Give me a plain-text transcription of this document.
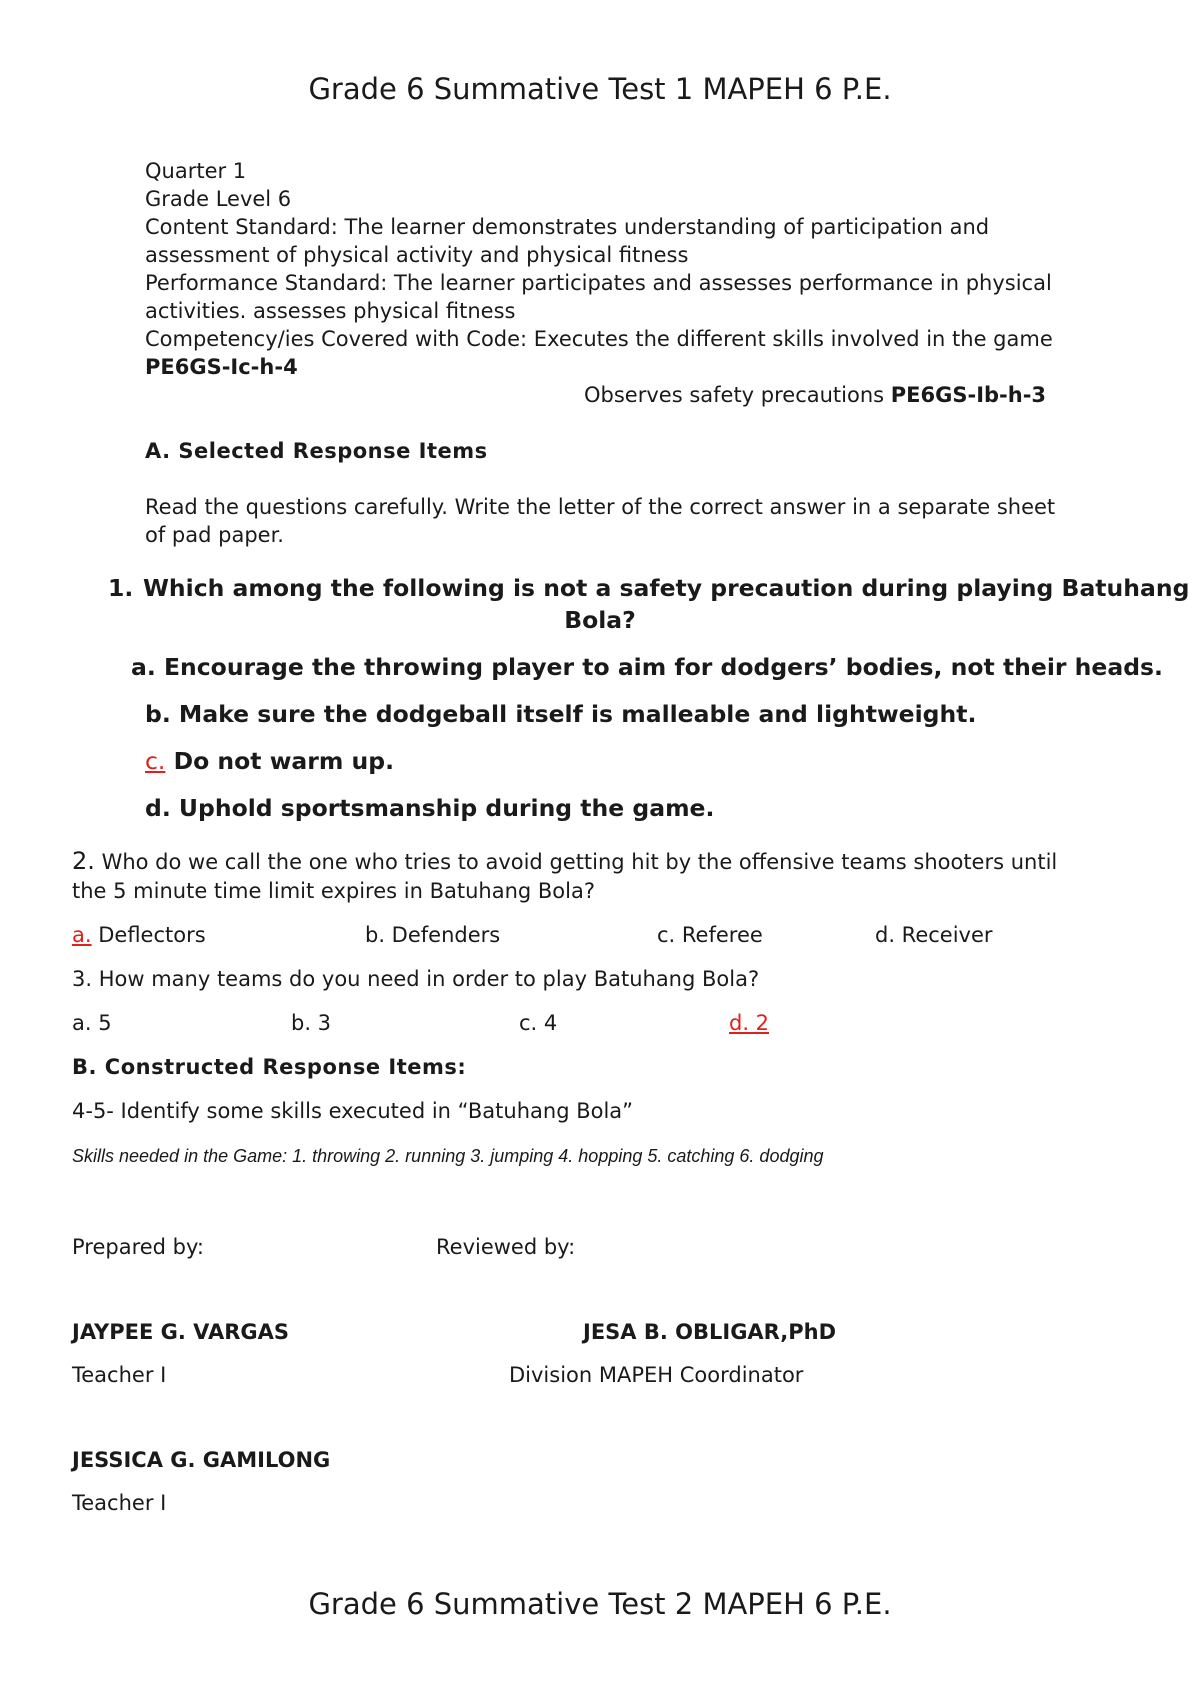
Grade 6 Summative Test 1 MAPEH 6 P.E.
Quarter 1
Grade Level 6
Content Standard: The learner demonstrates understanding of participation and
assessment of physical activity and physical fitness
Performance Standard: The learner participates and assesses performance in physical
activities. assesses physical fitness
Competency/ies Covered with Code: Executes the different skills involved in the game
PE6GS-Ic-h-4
Observes safety precautions PE6GS-Ib-h-3
A. Selected Response Items
Read the questions carefully. Write the letter of the correct answer in a separate sheet
of pad paper.
1. Which among the following is not a safety precaution during playing Batuhang
Bola?
a. Encourage the throwing player to aim for dodgers’ bodies, not their heads.
b. Make sure the dodgeball itself is malleable and lightweight.
c. Do not warm up.
d. Uphold sportsmanship during the game.
2. Who do we call the one who tries to avoid getting hit by the offensive teams shooters until
the 5 minute time limit expires in Batuhang Bola?
a. Deflectors	b. Defenders	c. Referee	d. Receiver
3. How many teams do you need in order to play Batuhang Bola?
a. 5	b. 3	c. 4	d. 2
B. Constructed Response Items:
4-5- Identify some skills executed in “Batuhang Bola”
Skills needed in the Game: 1. throwing 2. running 3. jumping 4. hopping 5. catching 6. dodging
Prepared by:	Reviewed by:
JAYPEE G. VARGAS	JESA B. OBLIGAR,PhD
Teacher I	Division MAPEH Coordinator
JESSICA G. GAMILONG
Teacher I
Grade 6 Summative Test 2 MAPEH 6 P.E.
